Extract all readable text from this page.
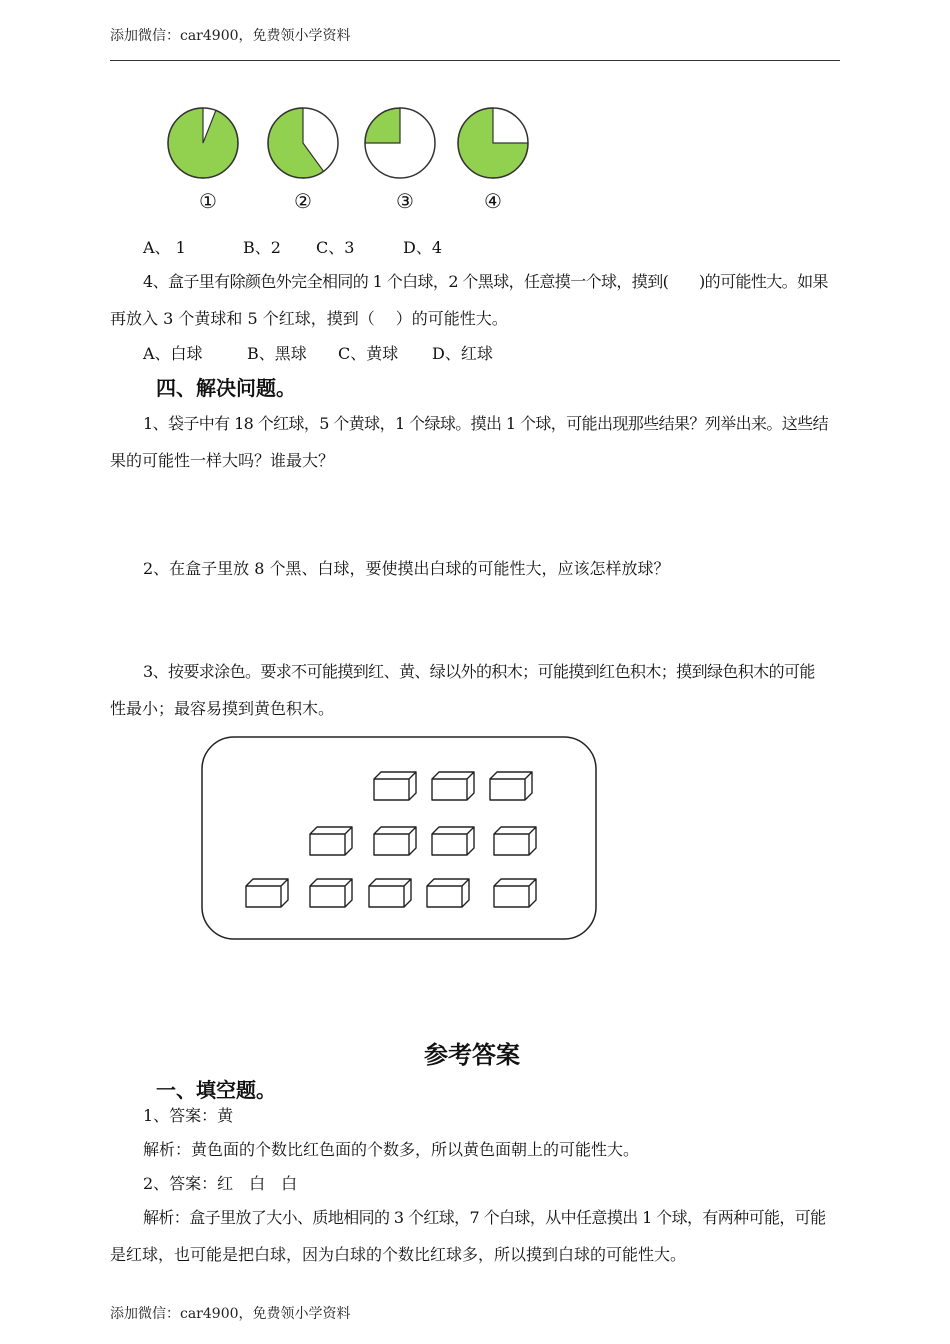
添加微信：car4900，免费领小学资料
①	②	③	④
A、 1	B、2 C、3	D、4
4、盒子里有除颜色外完全相同的 1 个白球，2 个黑球，任意摸一个球，摸到(　　)的可能性大。如果
再放入 3 个黄球和 5 个红球，摸到（　 ）的可能性大。
A、白球	B、黑球 C、黄球 D、红球
四、解决问题。
1、袋子中有 18 个红球，5 个黄球，1 个绿球。摸出 1 个球，可能出现那些结果？列举出来。这些结
果的可能性一样大吗？谁最大？
2、在盒子里放 8 个黑、白球，要使摸出白球的可能性大，应该怎样放球？
3、按要求涂色。要求不可能摸到红、黄、绿以外的积木；可能摸到红色积木；摸到绿色积木的可能
性最小；最容易摸到黄色积木。
参考答案
一、填空题。
1、答案：黄
解析：黄色面的个数比红色面的个数多，所以黄色面朝上的可能性大。
2、答案：红　白　白
解析：盒子里放了大小、质地相同的 3 个红球，7 个白球，从中任意摸出 1 个球，有两种可能，可能
是红球，也可能是把白球，因为白球的个数比红球多，所以摸到白球的可能性大。
添加微信：car4900，免费领小学资料
